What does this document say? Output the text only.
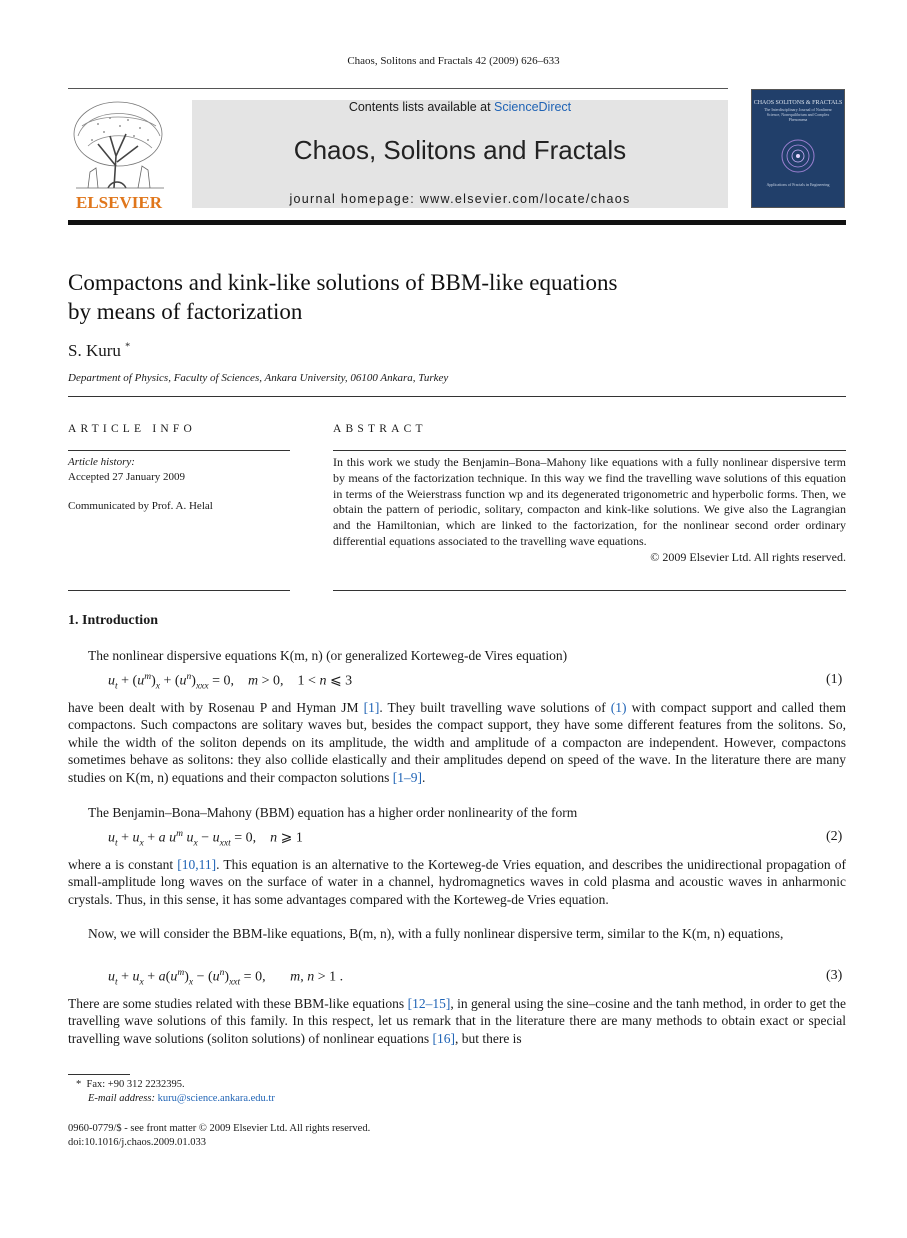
Chaos, Solitons and Fractals 42 (2009) 626–633
ELSEVIER
Contents lists available at ScienceDirect
Chaos, Solitons and Fractals
journal homepage: www.elsevier.com/locate/chaos
CHAOS SOLITONS & FRACTALS
The Interdisciplinary Journal of Nonlinear Science, Nonequilibrium and Complex Phenomena
Applications of Fractals in Engineering
Compactons and kink-like solutions of BBM-like equations
by means of factorization
S. Kuru *
Department of Physics, Faculty of Sciences, Ankara University, 06100 Ankara, Turkey
ARTICLE INFO
Article history:
Accepted 27 January 2009
Communicated by Prof. A. Helal
ABSTRACT
In this work we study the Benjamin–Bona–Mahony like equations with a fully nonlinear dispersive term by means of the factorization technique. In this way we find the travelling wave solutions of this equation in terms of the Weierstrass function wp and its degenerated trigonometric and hyperbolic forms. Then, we obtain the pattern of periodic, solitary, compacton and kink-like solutions. We give also the Lagrangian and the Hamiltonian, which are linked to the factorization, for the nonlinear second order ordinary differential equations associated to the travelling wave equations.
© 2009 Elsevier Ltd. All rights reserved.
1. Introduction
The nonlinear dispersive equations K(m, n) (or generalized Korteweg-de Vires equation)
$u_t + (u^m)_x + (u^n)_{xxx} = 0$,    m > 0,    1 < n ⩽ 3	(1)
have been dealt with by Rosenau P and Hyman JM [1]. They built travelling wave solutions of (1) with compact support and called them compactons. Such compactons are solitary waves but, besides the compact support, they have some different features from the solitons. So, while the width of the soliton depends on its amplitude, the width and amplitude of a compacton are independent. However, compactons sometimes behave as solitons: they also collide elastically and their amplitudes depend on speed of the wave. In the literature there are many studies on K(m, n) equations and their compacton solutions [1–9].
The Benjamin–Bona–Mahony (BBM) equation has a higher order nonlinearity of the form
$u_t + u_x + a$ $u^m$ $u_x - u_{xxt} = 0$,    n ⩾ 1	(2)
where a is constant [10,11]. This equation is an alternative to the Korteweg-de Vries equation, and describes the unidirectional propagation of small-amplitude long waves on the surface of water in a channel, hydromagnetics waves in cold plasma and acoustic waves in anharmonic crystals. Thus, in this sense, it has some advantages compared with the Korteweg-de Vries equation.
Now, we will consider the BBM-like equations, B(m, n), with a fully nonlinear dispersive term, similar to the K(m, n) equations,
$u_t + u_x + a(u^m)_x - (u^n)_{xxt} = 0$,       m, n > 1 .	(3)
There are some studies related with these BBM-like equations [12–15], in general using the sine–cosine and the tanh method, in order to get the travelling wave solutions of this family. In this respect, let us remark that in the literature there are many methods to obtain exact or special travelling wave solutions (soliton solutions) of nonlinear equations [16], but there is
* Fax: +90 312 2232395.
E-mail address: kuru@science.ankara.edu.tr
0960-0779/$ - see front matter © 2009 Elsevier Ltd. All rights reserved.
doi:10.1016/j.chaos.2009.01.033
